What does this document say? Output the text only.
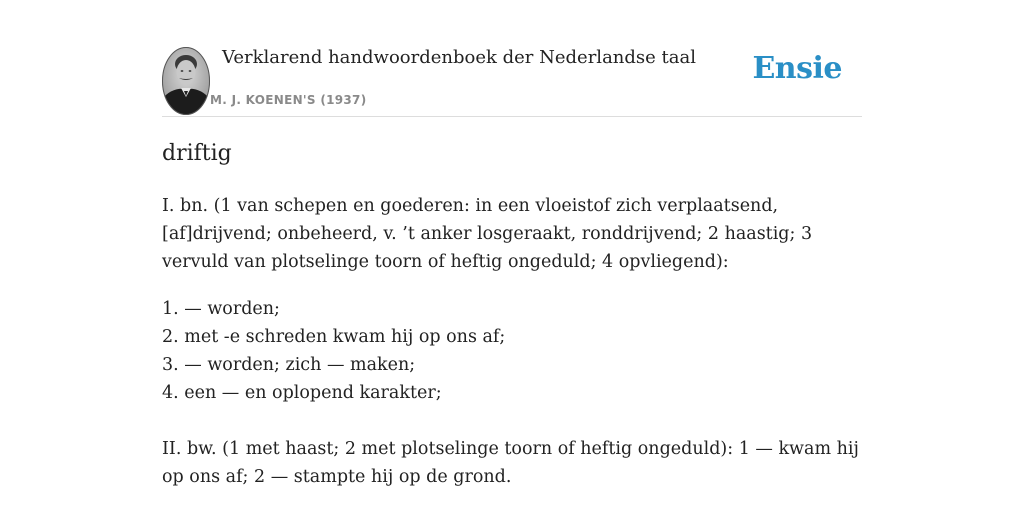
Verklarend handwoordenboek der Nederlandse taal
M. J. KOENEN'S (1937)
Ensie
driftig

I. bn. (1 van schepen en goederen: in een vloeistof zich verplaatsend, [af]drijvend; onbeheerd, v. ’t anker losgeraakt, ronddrijvend; 2 haastig; 3 vervuld van plotselinge toorn of heftig ongeduld; 4 opvliegend):

1. — worden;
2. met -e schreden kwam hij op ons af;
3. — worden; zich — maken;
4. een — en oplopend karakter;

II. bw. (1 met haast; 2 met plotselinge toorn of heftig ongeduld): 1 — kwam hij op ons af; 2 — stampte hij op de grond.
